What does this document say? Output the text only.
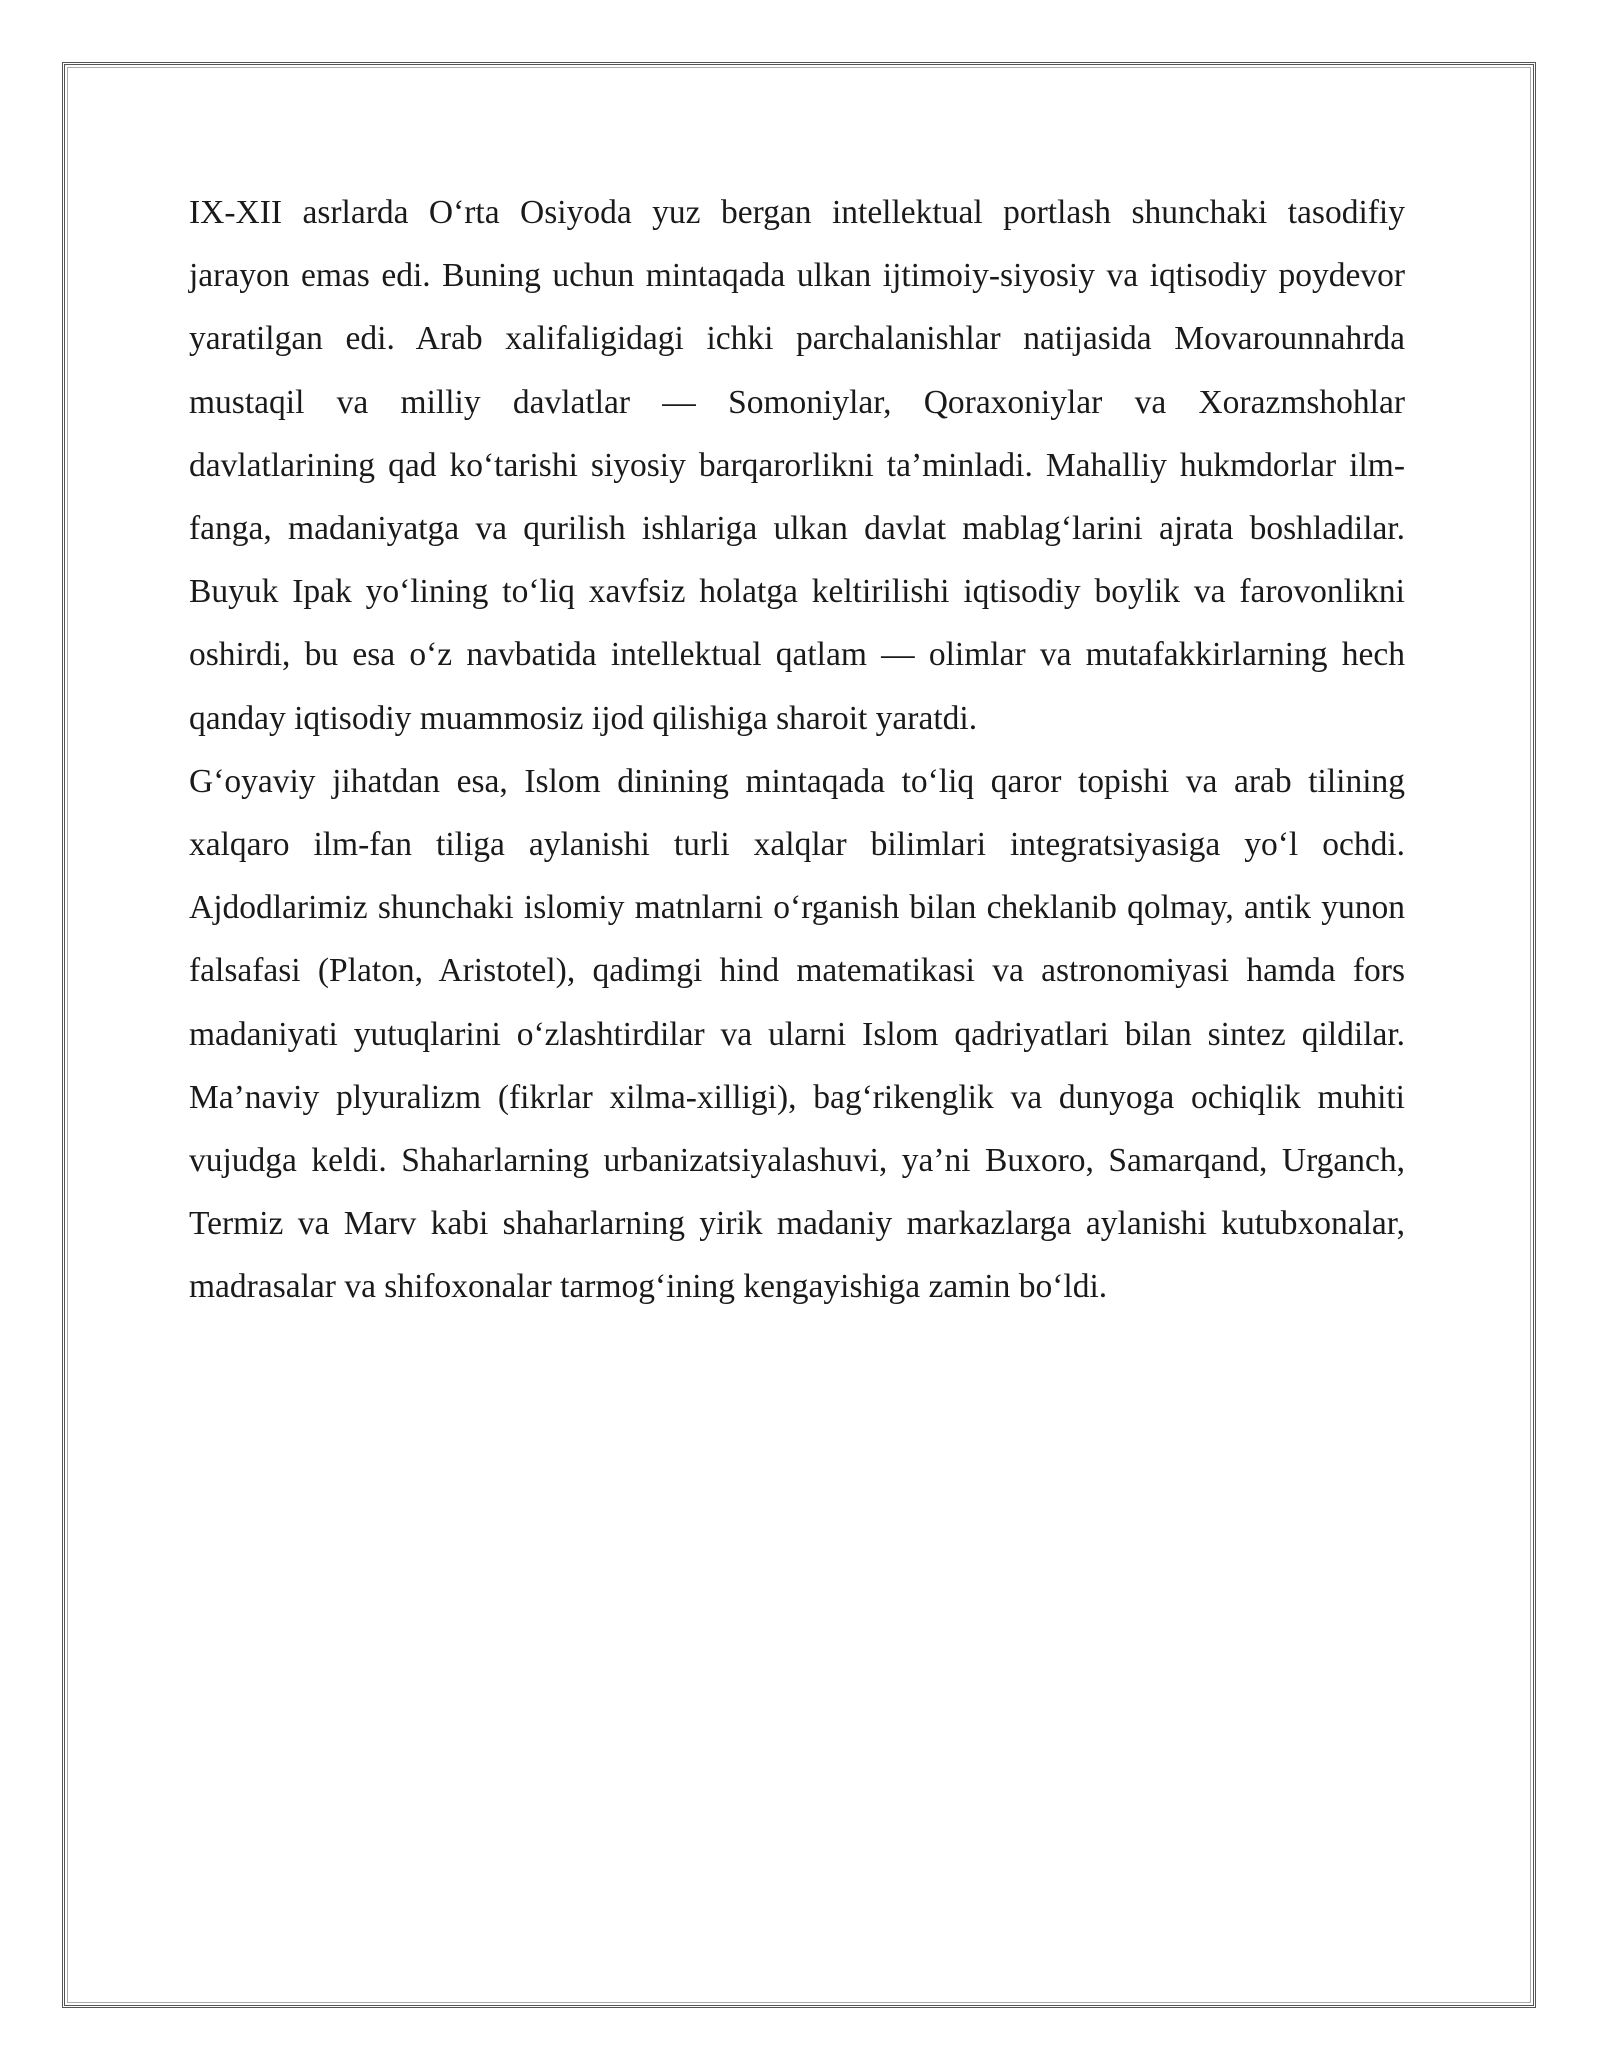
IX-XII asrlarda O‘rta Osiyoda yuz bergan intellektual portlash shunchaki tasodifiy jarayon emas edi. Buning uchun mintaqada ulkan ijtimoiy-siyosiy va iqtisodiy poydevor yaratilgan edi. Arab xalifaligidagi ichki parchalanishlar natijasida Movarounnahrda mustaqil va milliy davlatlar — Somoniylar, Qoraxoniylar va Xorazmshohlar davlatlarining qad ko‘tarishi siyosiy barqarorlikni ta’minladi. Mahalliy hukmdorlar ilm-fanga, madaniyatga va qurilish ishlariga ulkan davlat mablag‘larini ajrata boshladilar. Buyuk Ipak yo‘lining to‘liq xavfsiz holatga keltirilishi iqtisodiy boylik va farovonlikni oshirdi, bu esa o‘z navbatida intellektual qatlam — olimlar va mutafakkirlarning hech qanday iqtisodiy muammosiz ijod qilishiga sharoit yaratdi.

G‘oyaviy jihatdan esa, Islom dinining mintaqada to‘liq qaror topishi va arab tilining xalqaro ilm-fan tiliga aylanishi turli xalqlar bilimlari integratsiyasiga yo‘l ochdi. Ajdodlarimiz shunchaki islomiy matnlarni o‘rganish bilan cheklanib qolmay, antik yunon falsafasi (Platon, Aristotel), qadimgi hind matematikasi va astronomiyasi hamda fors madaniyati yutuqlarini o‘zlashtirdilar va ularni Islom qadriyatlari bilan sintez qildilar. Ma’naviy plyuralizm (fikrlar xilma-xilligi), bag‘rikenglik va dunyoga ochiqlik muhiti vujudga keldi. Shaharlarning urbanizatsiyalashuvi, ya’ni Buxoro, Samarqand, Urganch, Termiz va Marv kabi shaharlarning yirik madaniy markazlarga aylanishi kutubxonalar, madrasalar va shifoxonalar tarmog‘ining kengayishiga zamin bo‘ldi.
